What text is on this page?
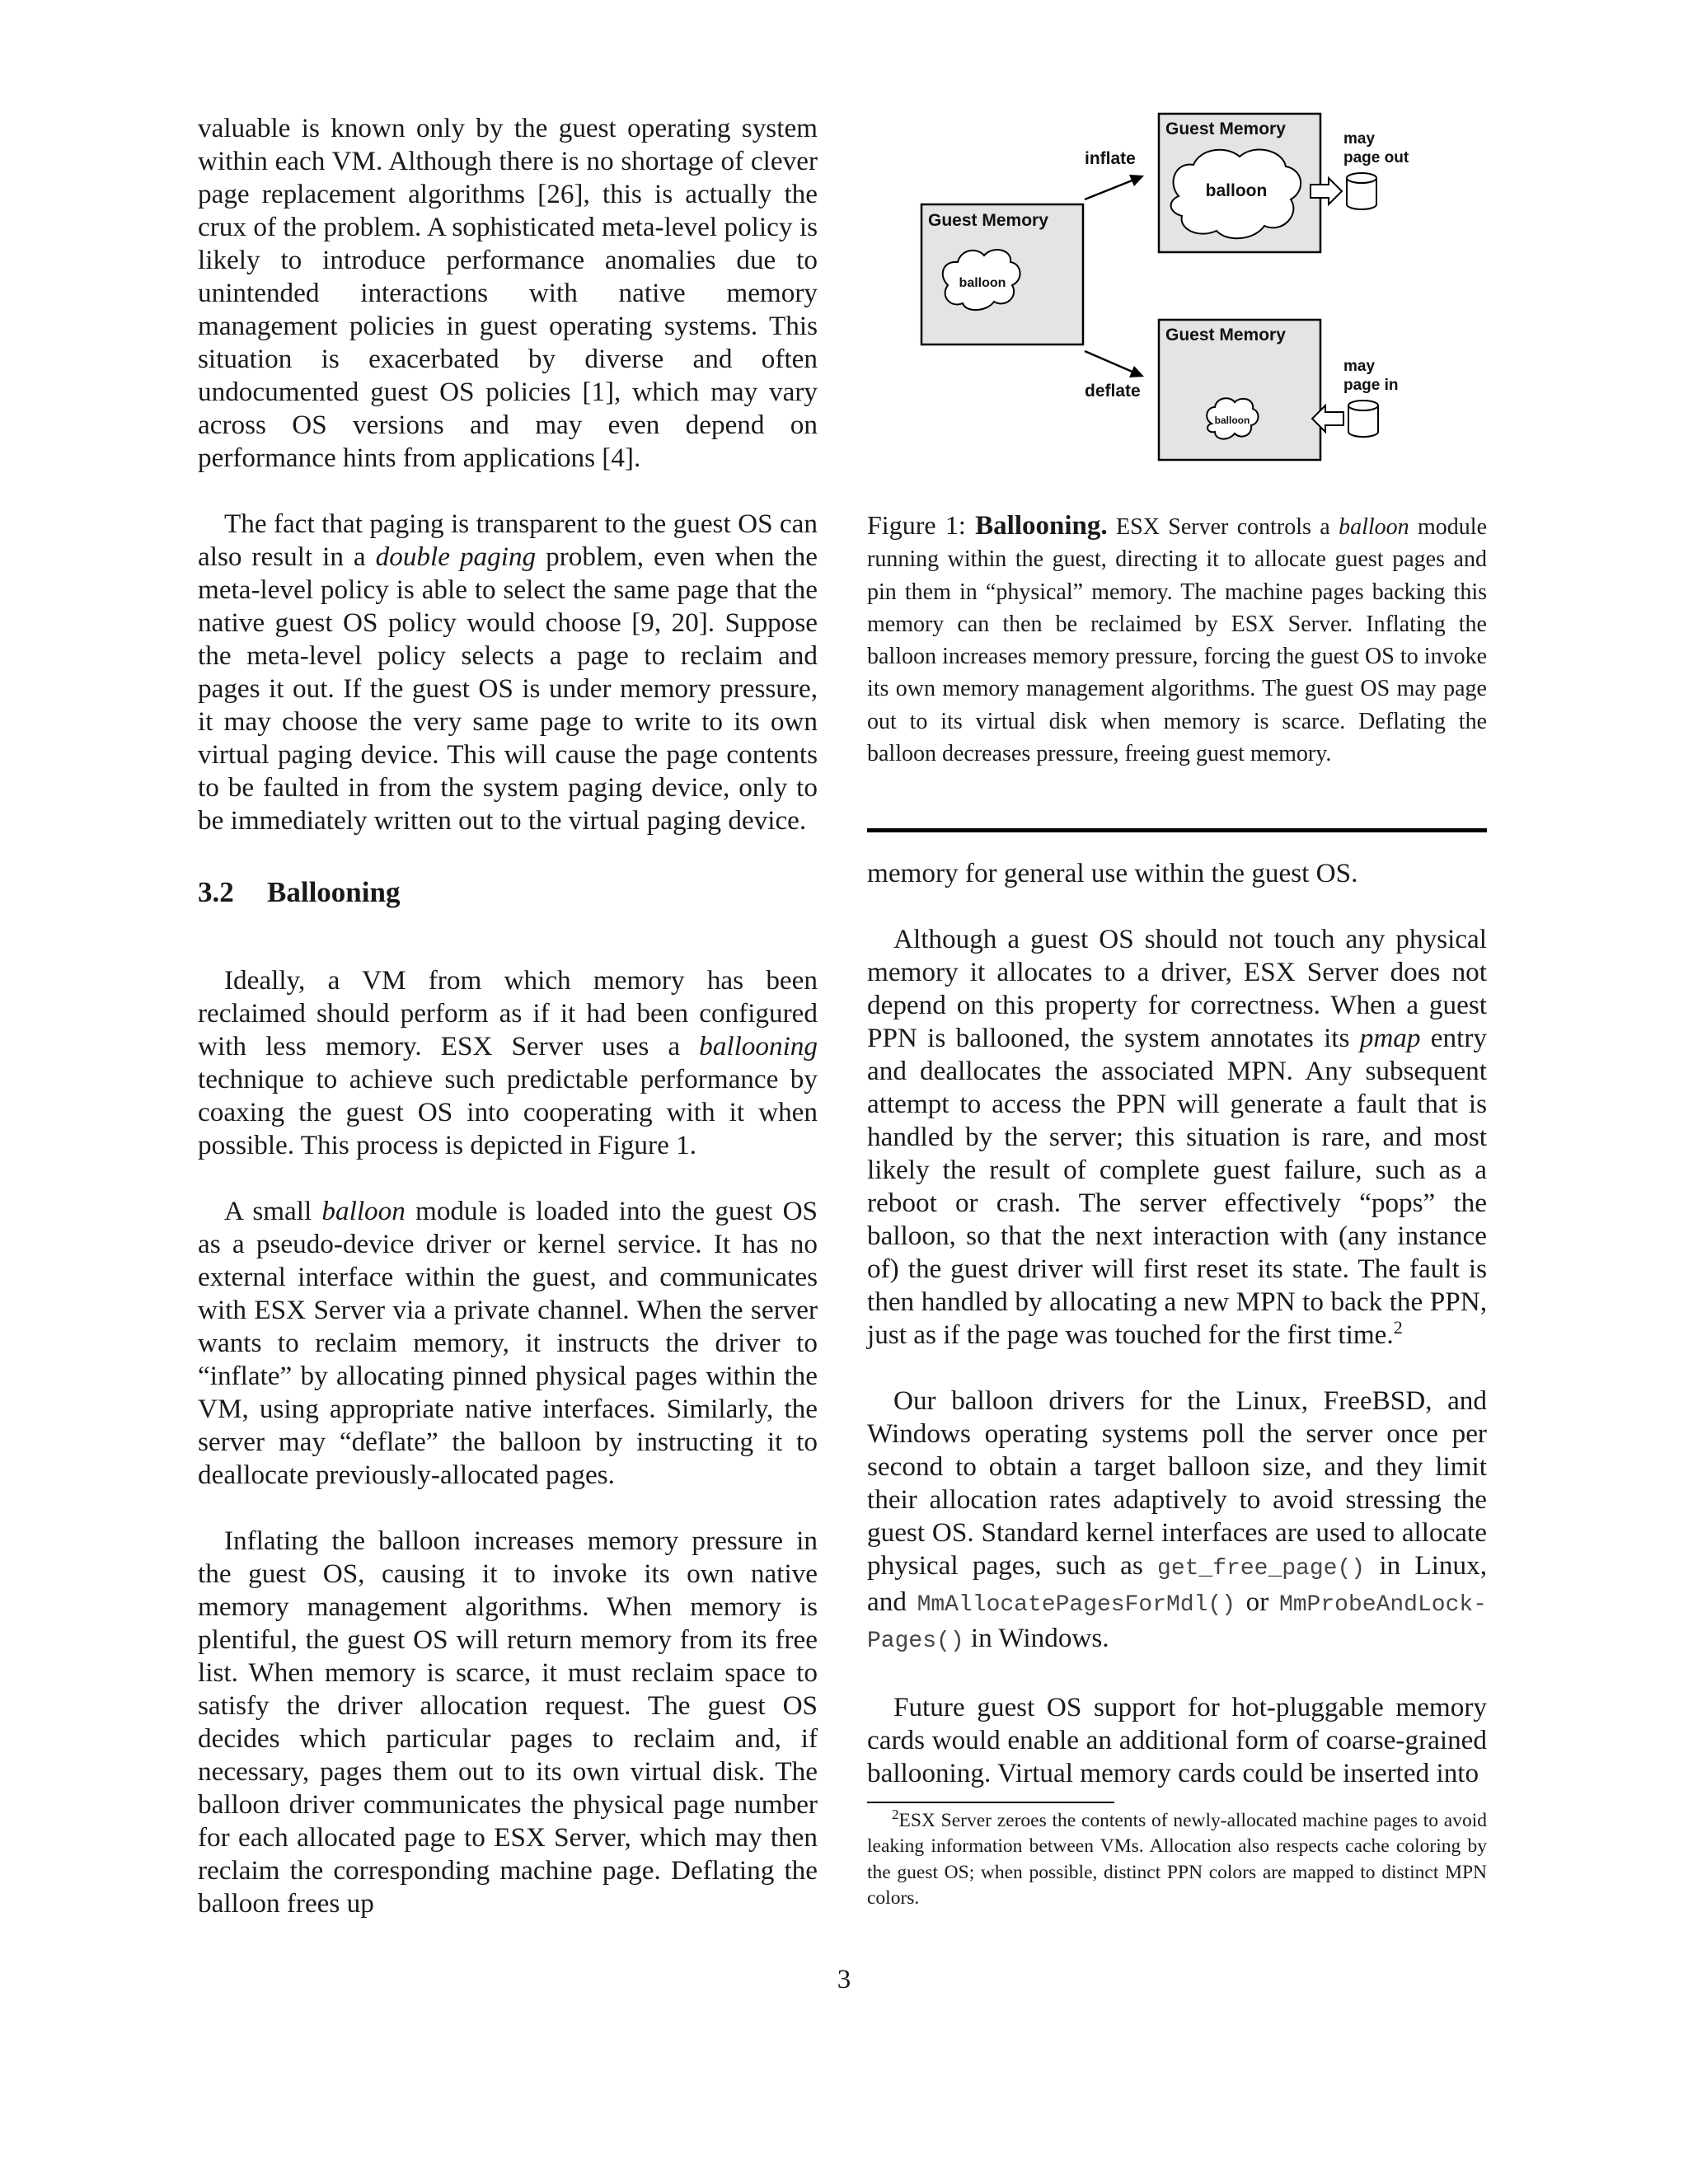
valuable is known only by the guest operating system within each VM. Although there is no shortage of clever page replacement algorithms [26], this is actually the crux of the problem. A sophisticated meta-level policy is likely to introduce performance anomalies due to unintended interactions with native memory management policies in guest operating systems. This situation is exacerbated by diverse and often undocumented guest OS policies [1], which may vary across OS versions and may even depend on performance hints from applications [4].

The fact that paging is transparent to the guest OS can also result in a double paging problem, even when the meta-level policy is able to select the same page that the native guest OS policy would choose [9, 20]. Suppose the meta-level policy selects a page to reclaim and pages it out. If the guest OS is under memory pressure, it may choose the very same page to write to its own virtual paging device. This will cause the page contents to be faulted in from the system paging device, only to be immediately written out to the virtual paging device.

3.2 Ballooning

Ideally, a VM from which memory has been reclaimed should perform as if it had been configured with less memory. ESX Server uses a ballooning technique to achieve such predictable performance by coaxing the guest OS into cooperating with it when possible. This process is depicted in Figure 1.

A small balloon module is loaded into the guest OS as a pseudo-device driver or kernel service. It has no external interface within the guest, and communicates with ESX Server via a private channel. When the server wants to reclaim memory, it instructs the driver to “inflate” by allocating pinned physical pages within the VM, using appropriate native interfaces. Similarly, the server may “deflate” the balloon by instructing it to deallocate previously-allocated pages.

Inflating the balloon increases memory pressure in the guest OS, causing it to invoke its own native memory management algorithms. When memory is plentiful, the guest OS will return memory from its free list. When memory is scarce, it must reclaim space to satisfy the driver allocation request. The guest OS decides which particular pages to reclaim and, if necessary, pages them out to its own virtual disk. The balloon driver communicates the physical page number for each allocated page to ESX Server, which may then reclaim the corresponding machine page. Deflating the balloon frees up

Guest Memory
balloon
Guest Memory
balloon
Guest Memory
balloon
inflate
deflate
may
page out
may
page in
Figure 1: Ballooning. ESX Server controls a balloon module running within the guest, directing it to allocate guest pages and pin them in “physical” memory. The machine pages backing this memory can then be reclaimed by ESX Server. Inflating the balloon increases memory pressure, forcing the guest OS to invoke its own memory management algorithms. The guest OS may page out to its virtual disk when memory is scarce. Deflating the balloon decreases pressure, freeing guest memory.

memory for general use within the guest OS.

Although a guest OS should not touch any physical memory it allocates to a driver, ESX Server does not depend on this property for correctness. When a guest PPN is ballooned, the system annotates its pmap entry and deallocates the associated MPN. Any subsequent attempt to access the PPN will generate a fault that is handled by the server; this situation is rare, and most likely the result of complete guest failure, such as a reboot or crash. The server effectively “pops” the balloon, so that the next interaction with (any instance of) the guest driver will first reset its state. The fault is then handled by allocating a new MPN to back the PPN, just as if the page was touched for the first time.$^2$

Our balloon drivers for the Linux, FreeBSD, and Windows operating systems poll the server once per second to obtain a target balloon size, and they limit their allocation rates adaptively to avoid stressing the guest OS. Standard kernel interfaces are used to allocate physical pages, such as get_free_page() in Linux, and MmAllocatePagesForMdl() or MmProbeAndLock-Pages() in Windows.

Future guest OS support for hot-pluggable memory cards would enable an additional form of coarse-grained ballooning. Virtual memory cards could be inserted into

$^2$ESX Server zeroes the contents of newly-allocated machine pages to avoid leaking information between VMs. Allocation also respects cache coloring by the guest OS; when possible, distinct PPN colors are mapped to distinct MPN colors.
3
